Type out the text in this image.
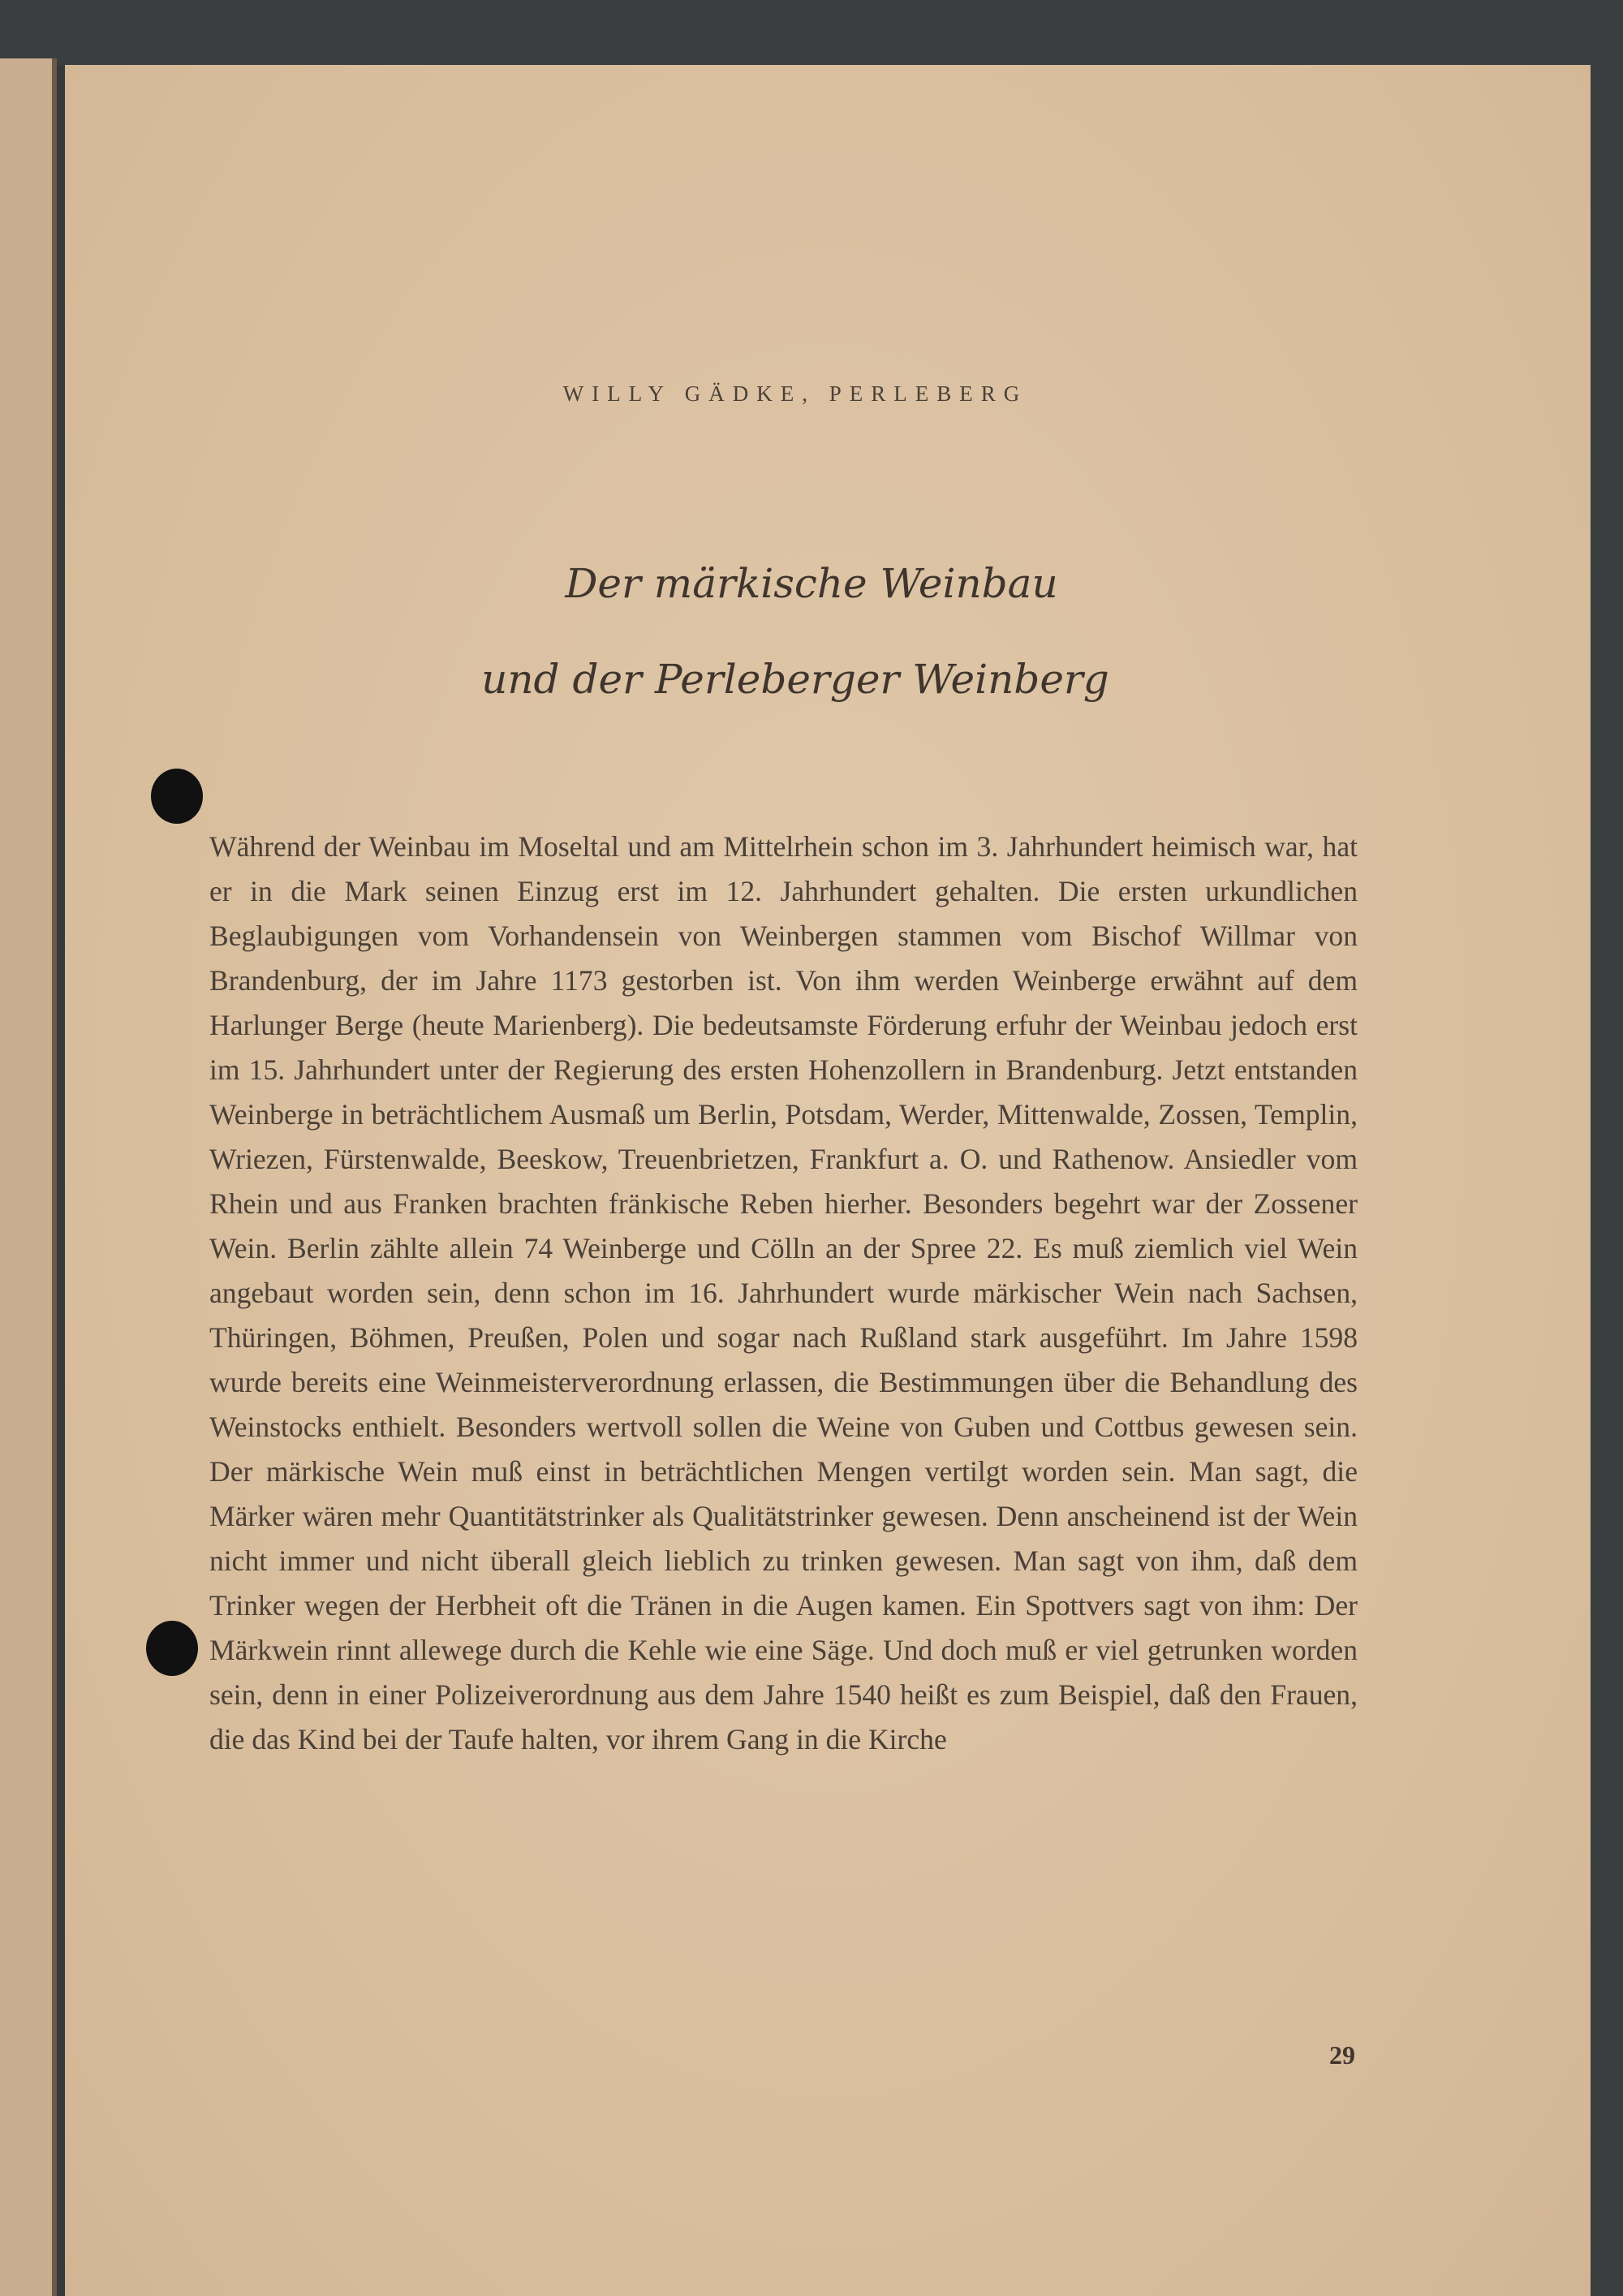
WILLY GÄDKE, PERLEBERG
Der märkische Weinbau
und der Perleberger Weinberg

Während der Weinbau im Moseltal und am Mittelrhein schon im 3. Jahrhundert heimisch war, hat er in die Mark seinen Einzug erst im 12. Jahrhundert gehalten. Die ersten urkundlichen Beglaubigungen vom Vorhandensein von Weinbergen stammen vom Bischof Willmar von Brandenburg, der im Jahre 1173 gestorben ist. Von ihm werden Weinberge erwähnt auf dem Harlunger Berge (heute Marienberg). Die bedeutsamste Förderung erfuhr der Weinbau jedoch erst im 15. Jahrhundert unter der Regierung des ersten Hohenzollern in Brandenburg. Jetzt entstanden Weinberge in beträchtlichem Ausmaß um Berlin, Potsdam, Werder, Mittenwalde, Zossen, Templin, Wriezen, Fürstenwalde, Beeskow, Treuenbrietzen, Frankfurt a. O. und Rathenow. Ansiedler vom Rhein und aus Franken brachten fränkische Reben hierher. Besonders begehrt war der Zossener Wein. Berlin zählte allein 74 Weinberge und Cölln an der Spree 22. Es muß ziemlich viel Wein angebaut worden sein, denn schon im 16. Jahrhundert wurde märkischer Wein nach Sachsen, Thüringen, Böhmen, Preußen, Polen und sogar nach Rußland stark ausgeführt. Im Jahre 1598 wurde bereits eine Weinmeisterverordnung erlassen, die Bestimmungen über die Behandlung des Weinstocks enthielt. Besonders wertvoll sollen die Weine von Guben und Cottbus gewesen sein. Der märkische Wein muß einst in beträchtlichen Mengen vertilgt worden sein. Man sagt, die Märker wären mehr Quantitätstrinker als Qualitätstrinker gewesen. Denn anscheinend ist der Wein nicht immer und nicht überall gleich lieblich zu trinken gewesen. Man sagt von ihm, daß dem Trinker wegen der Herbheit oft die Tränen in die Augen kamen. Ein Spottvers sagt von ihm: Der Märkwein rinnt allewege durch die Kehle wie eine Säge. Und doch muß er viel getrunken worden sein, denn in einer Polizeiverordnung aus dem Jahre 1540 heißt es zum Beispiel, daß den Frauen, die das Kind bei der Taufe halten, vor ihrem Gang in die Kirche

29
